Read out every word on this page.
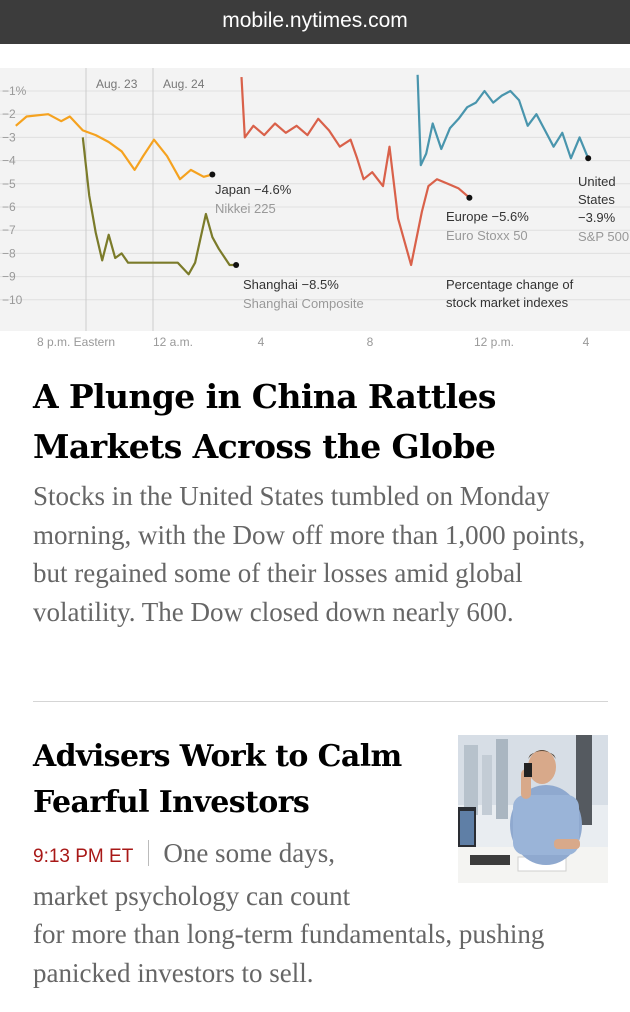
mobile.nytimes.com
−1%
−2
−3
−4
−5
−6
−7
−8
−9
−10
8 p.m. Eastern	12 a.m.	4	8	12 p.m.	4
Aug. 23 Aug. 24
Japan −4.6%
Nikkei 225
Shanghai −8.5%
Shanghai Composite
Europe −5.6%
Euro Stoxx 50
United
States
−3.9%
S&P 500
Percentage change of
stock market indexes
A Plunge in China Rattles Markets Across the Globe

Stocks in the United States tumbled on Monday morning, with the Dow off more than 1,000 points, but regained some of their losses amid global volatility. The Dow closed down nearly 600.

Advisers Work to Calm Fearful Investors

9:13 PM ET One some days,
market psychology can count
for more than long-term fundamentals, pushing panicked investors to sell.
